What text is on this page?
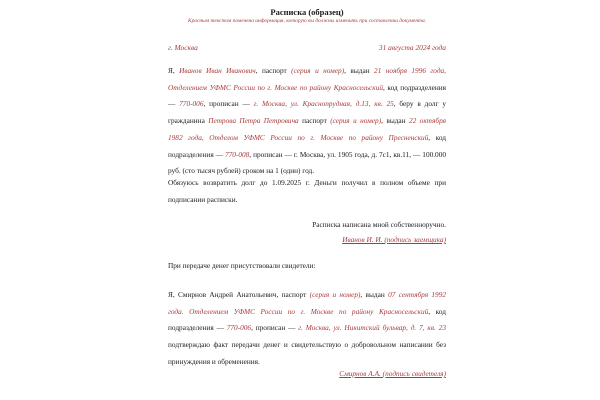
Расписка (образец)
Красным текстом помечена информация, которую вы должны изменить при составлении документа.
г. Москва	31 августа 2024 года
Я, Иванов Иван Иванович, паспорт (серия и номер), выдан 21 ноября 1996 года, Отделением УФМС России по г. Москве по району Красносельский, код подразделения — 770-006, прописан — г. Москва, ул. Краснопрудная, д.13, кв. 25, беру в долг у гражданина Петрова Петра Петровича паспорт (серия и номер), выдан 22 октября 1982 года, Отделом УФМС России по г. Москве по району Пресненский, код подразделения — 770-008, прописан — г. Москва, ул. 1905 года, д. 7с1, кв.11, — 100.000 руб. (сто тысяч рублей) сроком на 1 (один) год.
Обязуюсь возвратить долг до 1.09.2025 г. Деньги получил в полном объеме при подписании расписки.
Расписка написана мной собственноручно.
Иванов И. И. (подпись заемщика)
При передаче денег присутствовали свидетели:
Я, Смирнов Андрей Анатольевич, паспорт (серия и номер), выдан 07 сентября 1992 года. Отделением УФМС России по г. Москве по району Красносельский, код подразделения — 770-006, прописан — г. Москва, ул. Никитский бульвар, д. 7, кв. 23 подтверждаю факт передачи денег и свидетельствую о добровольном написании без принуждения и обременения.
Смирнов А.А. (подпись свидетеля)
